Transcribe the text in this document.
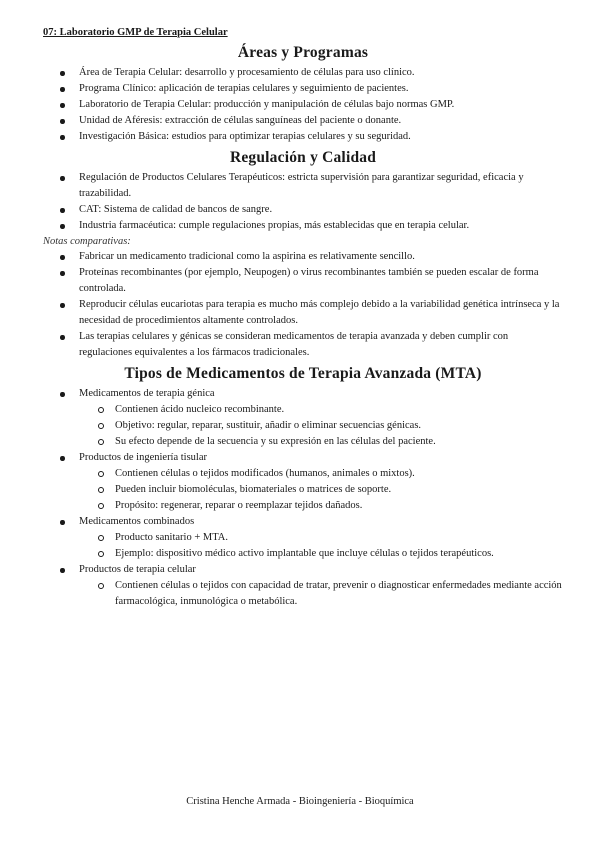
07: Laboratorio GMP de Terapia Celular

Áreas y Programas
Área de Terapia Celular: desarrollo y procesamiento de células para uso clínico.
Programa Clínico: aplicación de terapias celulares y seguimiento de pacientes.
Laboratorio de Terapia Celular: producción y manipulación de células bajo normas GMP.
Unidad de Aféresis: extracción de células sanguíneas del paciente o donante.
Investigación Básica: estudios para optimizar terapias celulares y su seguridad.
Regulación y Calidad
Regulación de Productos Celulares Terapéuticos: estricta supervisión para garantizar seguridad, eficacia y trazabilidad.
CAT: Sistema de calidad de bancos de sangre.
Industria farmacéutica: cumple regulaciones propias, más establecidas que en terapia celular.

Notas comparativas:

Fabricar un medicamento tradicional como la aspirina es relativamente sencillo.
Proteínas recombinantes (por ejemplo, Neupogen) o virus recombinantes también se pueden escalar de forma controlada.
Reproducir células eucariotas para terapia es mucho más complejo debido a la variabilidad genética intrínseca y la necesidad de procedimientos altamente controlados.
Las terapias celulares y génicas se consideran medicamentos de terapia avanzada y deben cumplir con regulaciones equivalentes a los fármacos tradicionales.
Tipos de Medicamentos de Terapia Avanzada (MTA)
Medicamentos de terapia génica
Contienen ácido nucleico recombinante.
Objetivo: regular, reparar, sustituir, añadir o eliminar secuencias génicas.
Su efecto depende de la secuencia y su expresión en las células del paciente.
Productos de ingeniería tisular
Contienen células o tejidos modificados (humanos, animales o mixtos).
Pueden incluir biomoléculas, biomateriales o matrices de soporte.
Propósito: regenerar, reparar o reemplazar tejidos dañados.
Medicamentos combinados
Producto sanitario + MTA.
Ejemplo: dispositivo médico activo implantable que incluye células o tejidos terapéuticos.
Productos de terapia celular
Contienen células o tejidos con capacidad de tratar, prevenir o diagnosticar enfermedades mediante acción farmacológica, inmunológica o metabólica.

Cristina Henche Armada - Bioingeniería - Bioquímica
